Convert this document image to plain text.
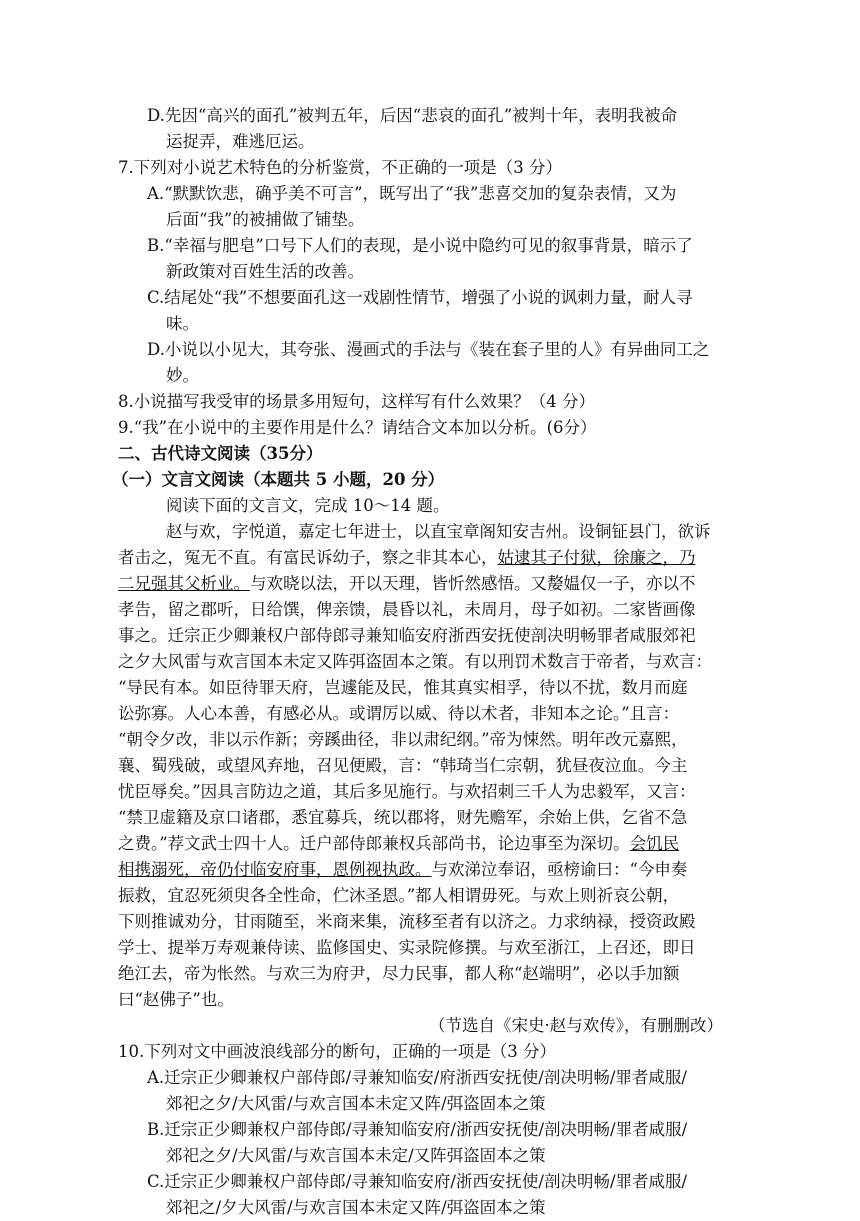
D.先因“高兴的面孔”被判五年，后因“悲哀的面孔”被判十年，表明我被命
运捉弄，难逃厄运。
7.下列对小说艺术特色的分析鉴赏，不正确的一项是（3 分）
A.“默默饮悲，确乎美不可言”，既写出了“我”悲喜交加的复杂表情，又为
后面“我”的被捕做了铺垫。
B.“幸福与肥皂”口号下人们的表现，是小说中隐约可见的叙事背景，暗示了
新政策对百姓生活的改善。
C.结尾处“我”不想要面孔这一戏剧性情节，增强了小说的讽刺力量，耐人寻
味。
D.小说以小见大，其夸张、漫画式的手法与《装在套子里的人》有异曲同工之
妙。
8.小说描写我受审的场景多用短句，这样写有什么效果？（4 分）
9.“我”在小说中的主要作用是什么？请结合文本加以分析。(6分）
二、古代诗文阅读（35分）
（一）文言文阅读（本题共 5 小题，20 分）
阅读下面的文言文，完成 10～14 题。
赵与欢，字悦道，嘉定七年进士，以直宝章阁知安吉州。设铜钲县门，欲诉
者击之，冤无不直。有富民诉幼子，察之非其本心，姑逮其子付狱，徐廉之，乃
二兄强其父析业。与欢晓以法，开以天理，皆忻然感悟。又嫠媪仅一子，亦以不
孝告，留之郡听，日给馔，俾亲馈，晨昏以礼，未周月，母子如初。二家皆画像
事之。迁宗正少卿兼权户部侍郎寻兼知临安府浙西安抚使剖决明畅罪者咸服郊祀
之夕大风雷与欢言国本未定又阵弭盗固本之策。有以刑罚术数言于帝者，与欢言：
“导民有本。如臣待罪天府，岂遽能及民，惟其真实相孚，待以不扰，数月而庭
讼弥寡。人心本善，有感必从。或谓厉以威、待以术者，非知本之论。”且言：
“朝令夕改，非以示作新；旁蹊曲径，非以肃纪纲。”帝为悚然。明年改元嘉熙，
襄、蜀残破，或望风弃地，召见便殿，言：“韩琦当仁宗朝，犹昼夜泣血。今主
忧臣辱矣。”因具言防边之道，其后多见施行。与欢招刺三千人为忠毅军，又言：
“禁卫虚籍及京口诸郡，悉宜募兵，统以郡将，财先赡军，余始上供，乞省不急
之费。”荐文武士四十人。迁户部侍郎兼权兵部尚书，论边事至为深切。会饥民
相携溺死，帝仍付临安府事，恩例视执政。与欢涕泣奉诏，亟榜谕曰：“今申奏
振救，宜忍死须臾各全性命，伫沐圣恩。”都人相谓毋死。与欢上则祈哀公朝，
下则推诚劝分，甘雨随至，米商来集，流移至者有以济之。力求纳禄，授资政殿
学士、提举万寿观兼侍读、监修国史、实录院修撰。与欢至浙江，上召还，即日
绝江去，帝为怅然。与欢三为府尹，尽力民事，都人称“赵端明”，必以手加额
曰“赵佛子”也。
（节选自《宋史·赵与欢传》，有删删改）
10.下列对文中画波浪线部分的断句，正确的一项是（3 分）
A.迁宗正少卿兼权户部侍郎/寻兼知临安/府浙西安抚使/剖决明畅/罪者咸服/
郊祀之夕/大风雷/与欢言国本未定又阵/弭盗固本之策
B.迁宗正少卿兼权户部侍郎/寻兼知临安府/浙西安抚使/剖决明畅/罪者咸服/
郊祀之夕/大风雷/与欢言国本未定/又阵弭盗固本之策
C.迁宗正少卿兼权户部侍郎/寻兼知临安府/浙西安抚使/剖决明畅/罪者咸服/
郊祀之/夕大风雷/与欢言国本未定又阵/弭盗固本之策
